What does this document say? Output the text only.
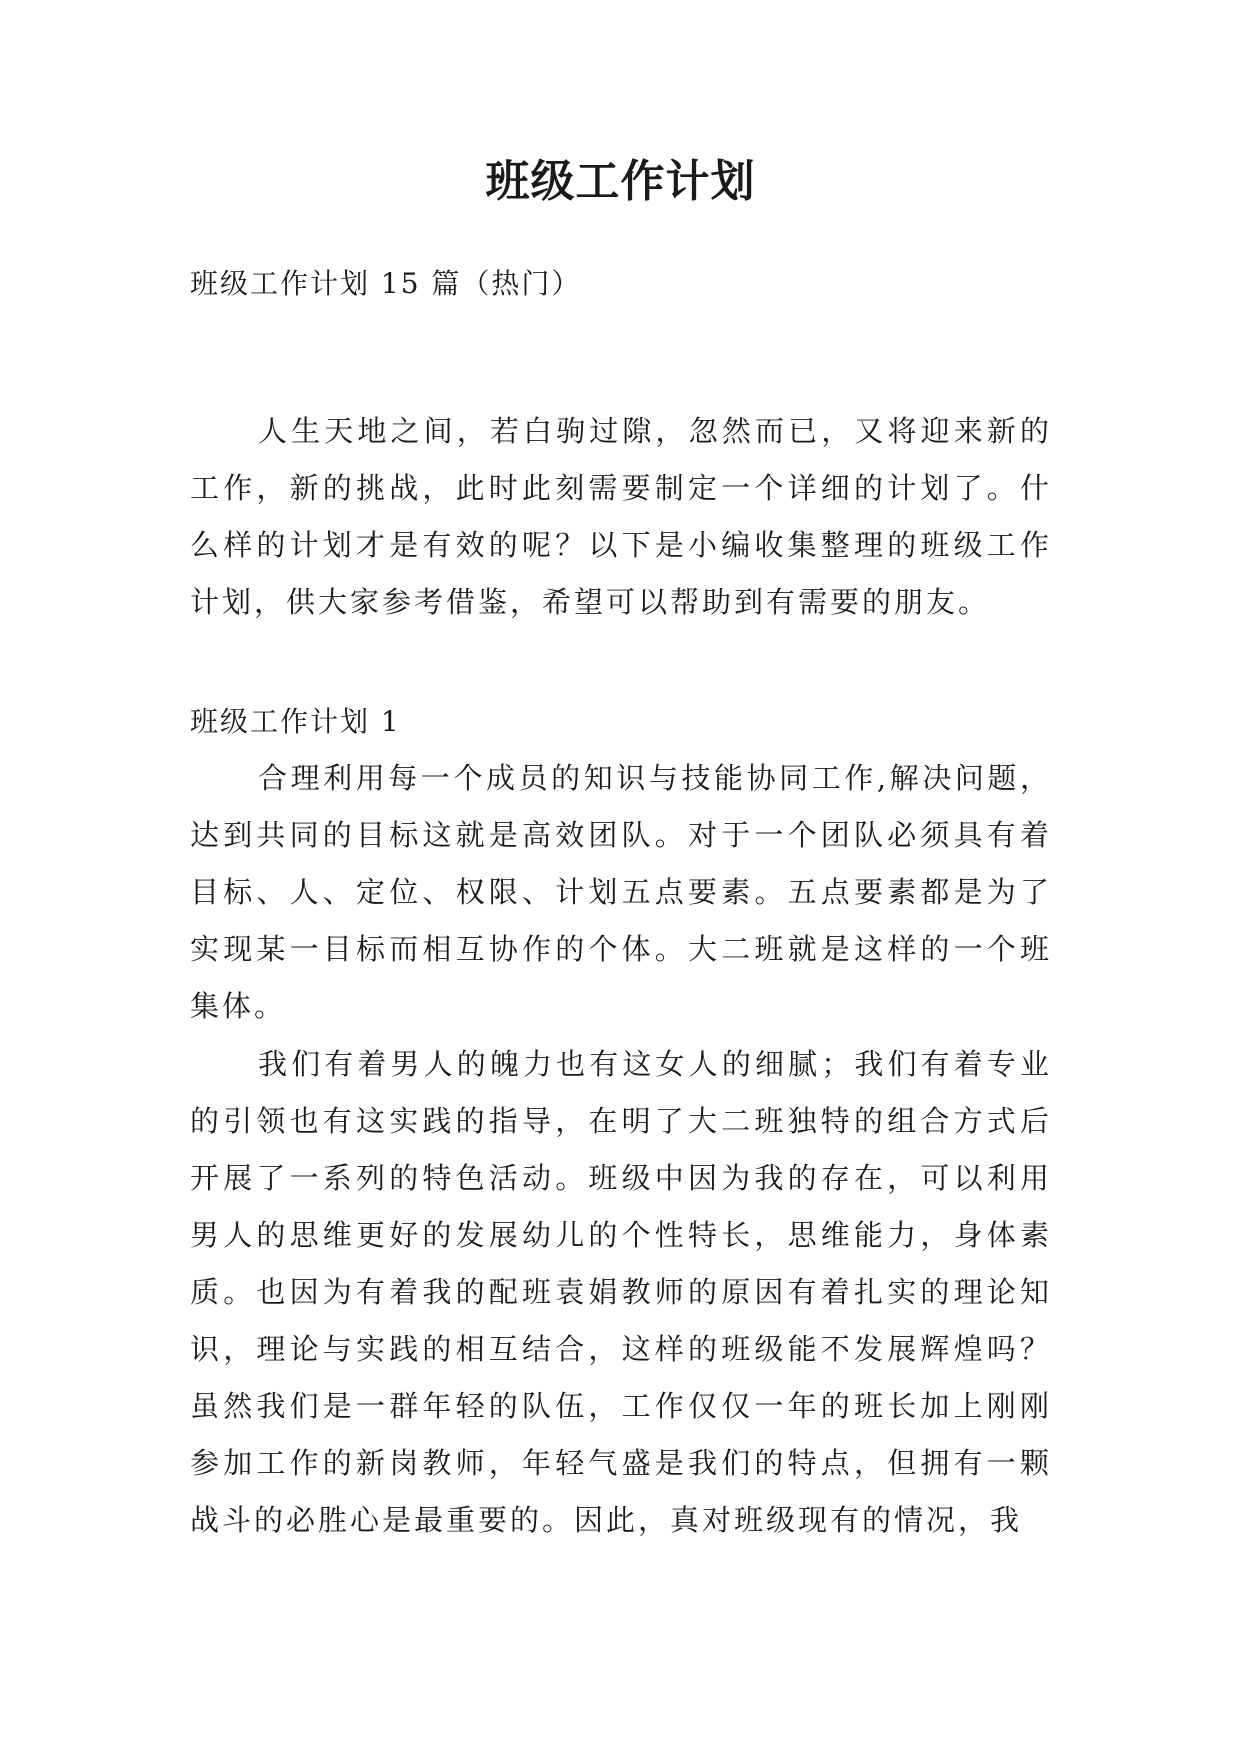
班级工作计划

班级工作计划 15 篇（热门）

人生天地之间，若白驹过隙，忽然而已，又将迎来新的工作，新的挑战，此时此刻需要制定一个详细的计划了。什么样的计划才是有效的呢？以下是小编收集整理的班级工作计划，供大家参考借鉴，希望可以帮助到有需要的朋友。

班级工作计划 1

合理利用每一个成员的知识与技能协同工作,解决问题，达到共同的目标这就是高效团队。对于一个团队必须具有着目标、人、定位、权限、计划五点要素。五点要素都是为了实现某一目标而相互协作的个体。大二班就是这样的一个班集体。

我们有着男人的魄力也有这女人的细腻；我们有着专业的引领也有这实践的指导，在明了大二班独特的组合方式后开展了一系列的特色活动。班级中因为我的存在，可以利用男人的思维更好的发展幼儿的个性特长，思维能力，身体素质。也因为有着我的配班袁娟教师的原因有着扎实的理论知识，理论与实践的相互结合，这样的班级能不发展辉煌吗？虽然我们是一群年轻的队伍，工作仅仅一年的班长加上刚刚参加工作的新岗教师，年轻气盛是我们的特点，但拥有一颗战斗的必胜心是最重要的。因此，真对班级现有的情况，我
